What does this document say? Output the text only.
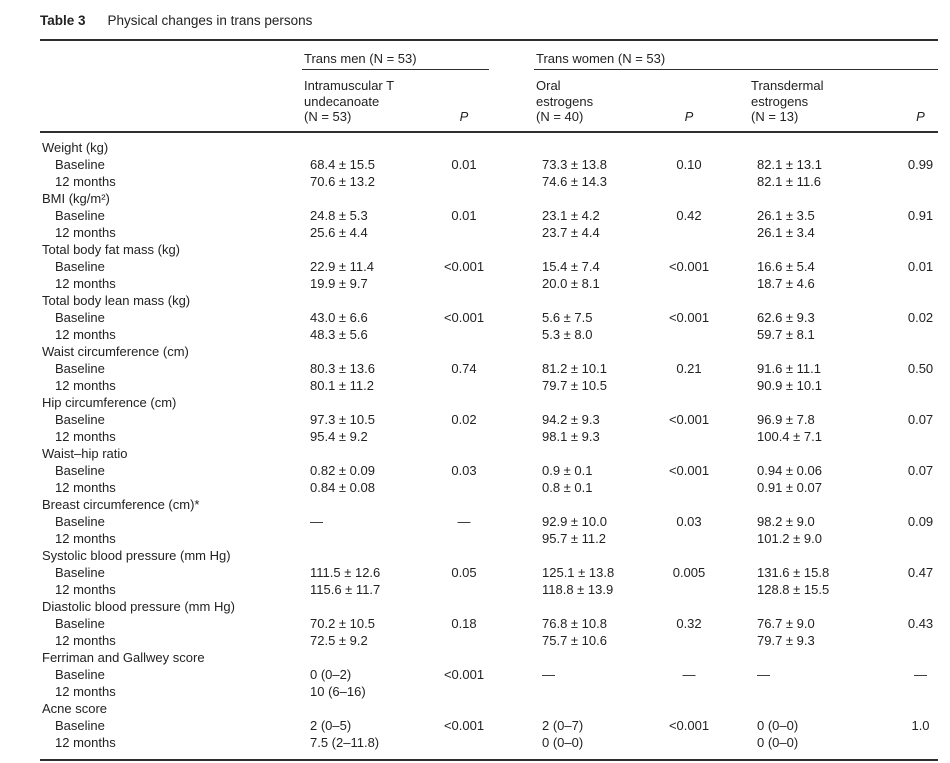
Table 3 Physical changes in trans persons
	Trans men (N = 53)			Trans women (N = 53)				

Intramuscular T
undecanoate
(N = 53)	P		
Oral
estrogens
(N = 40)	P		
Transdermal
estrogens
(N = 13)	P
Weight (kg)								
Baseline	68.4 ± 15.5	0.01		73.3 ± 13.8	0.10		82.1 ± 13.1	0.99
12 months	70.6 ± 13.2			74.6 ± 14.3			82.1 ± 11.6	
BMI (kg/m²)								
Baseline	24.8 ± 5.3	0.01		23.1 ± 4.2	0.42		26.1 ± 3.5	0.91
12 months	25.6 ± 4.4			23.7 ± 4.4			26.1 ± 3.4	
Total body fat mass (kg)								
Baseline	22.9 ± 11.4	<0.001		15.4 ± 7.4	<0.001		16.6 ± 5.4	0.01
12 months	19.9 ± 9.7			20.0 ± 8.1			18.7 ± 4.6	
Total body lean mass (kg)								
Baseline	43.0 ± 6.6	<0.001		5.6 ± 7.5	<0.001		62.6 ± 9.3	0.02
12 months	48.3 ± 5.6			5.3 ± 8.0			59.7 ± 8.1	
Waist circumference (cm)								
Baseline	80.3 ± 13.6	0.74		81.2 ± 10.1	0.21		91.6 ± 11.1	0.50
12 months	80.1 ± 11.2			79.7 ± 10.5			90.9 ± 10.1	
Hip circumference (cm)								
Baseline	97.3 ± 10.5	0.02		94.2 ± 9.3	<0.001		96.9 ± 7.8	0.07
12 months	95.4 ± 9.2			98.1 ± 9.3			100.4 ± 7.1	
Waist–hip ratio								
Baseline	0.82 ± 0.09	0.03		0.9 ± 0.1	<0.001		0.94 ± 0.06	0.07
12 months	0.84 ± 0.08			0.8 ± 0.1			0.91 ± 0.07	
Breast circumference (cm)*								
Baseline	—	—		92.9 ± 10.0	0.03		98.2 ± 9.0	0.09
12 months				95.7 ± 11.2			101.2 ± 9.0	
Systolic blood pressure (mm Hg)								
Baseline	111.5 ± 12.6	0.05		125.1 ± 13.8	0.005		131.6 ± 15.8	0.47
12 months	115.6 ± 11.7			118.8 ± 13.9			128.8 ± 15.5	
Diastolic blood pressure (mm Hg)								
Baseline	70.2 ± 10.5	0.18		76.8 ± 10.8	0.32		76.7 ± 9.0	0.43
12 months	72.5 ± 9.2			75.7 ± 10.6			79.7 ± 9.3	
Ferriman and Gallwey score								
Baseline	0 (0–2)	<0.001		—	—		—	—
12 months	10 (6–16)							
Acne score								
Baseline	2 (0–5)	<0.001		2 (0–7)	<0.001		0 (0–0)	1.0
12 months	7.5 (2–11.8)			0 (0–0)			0 (0–0)	
